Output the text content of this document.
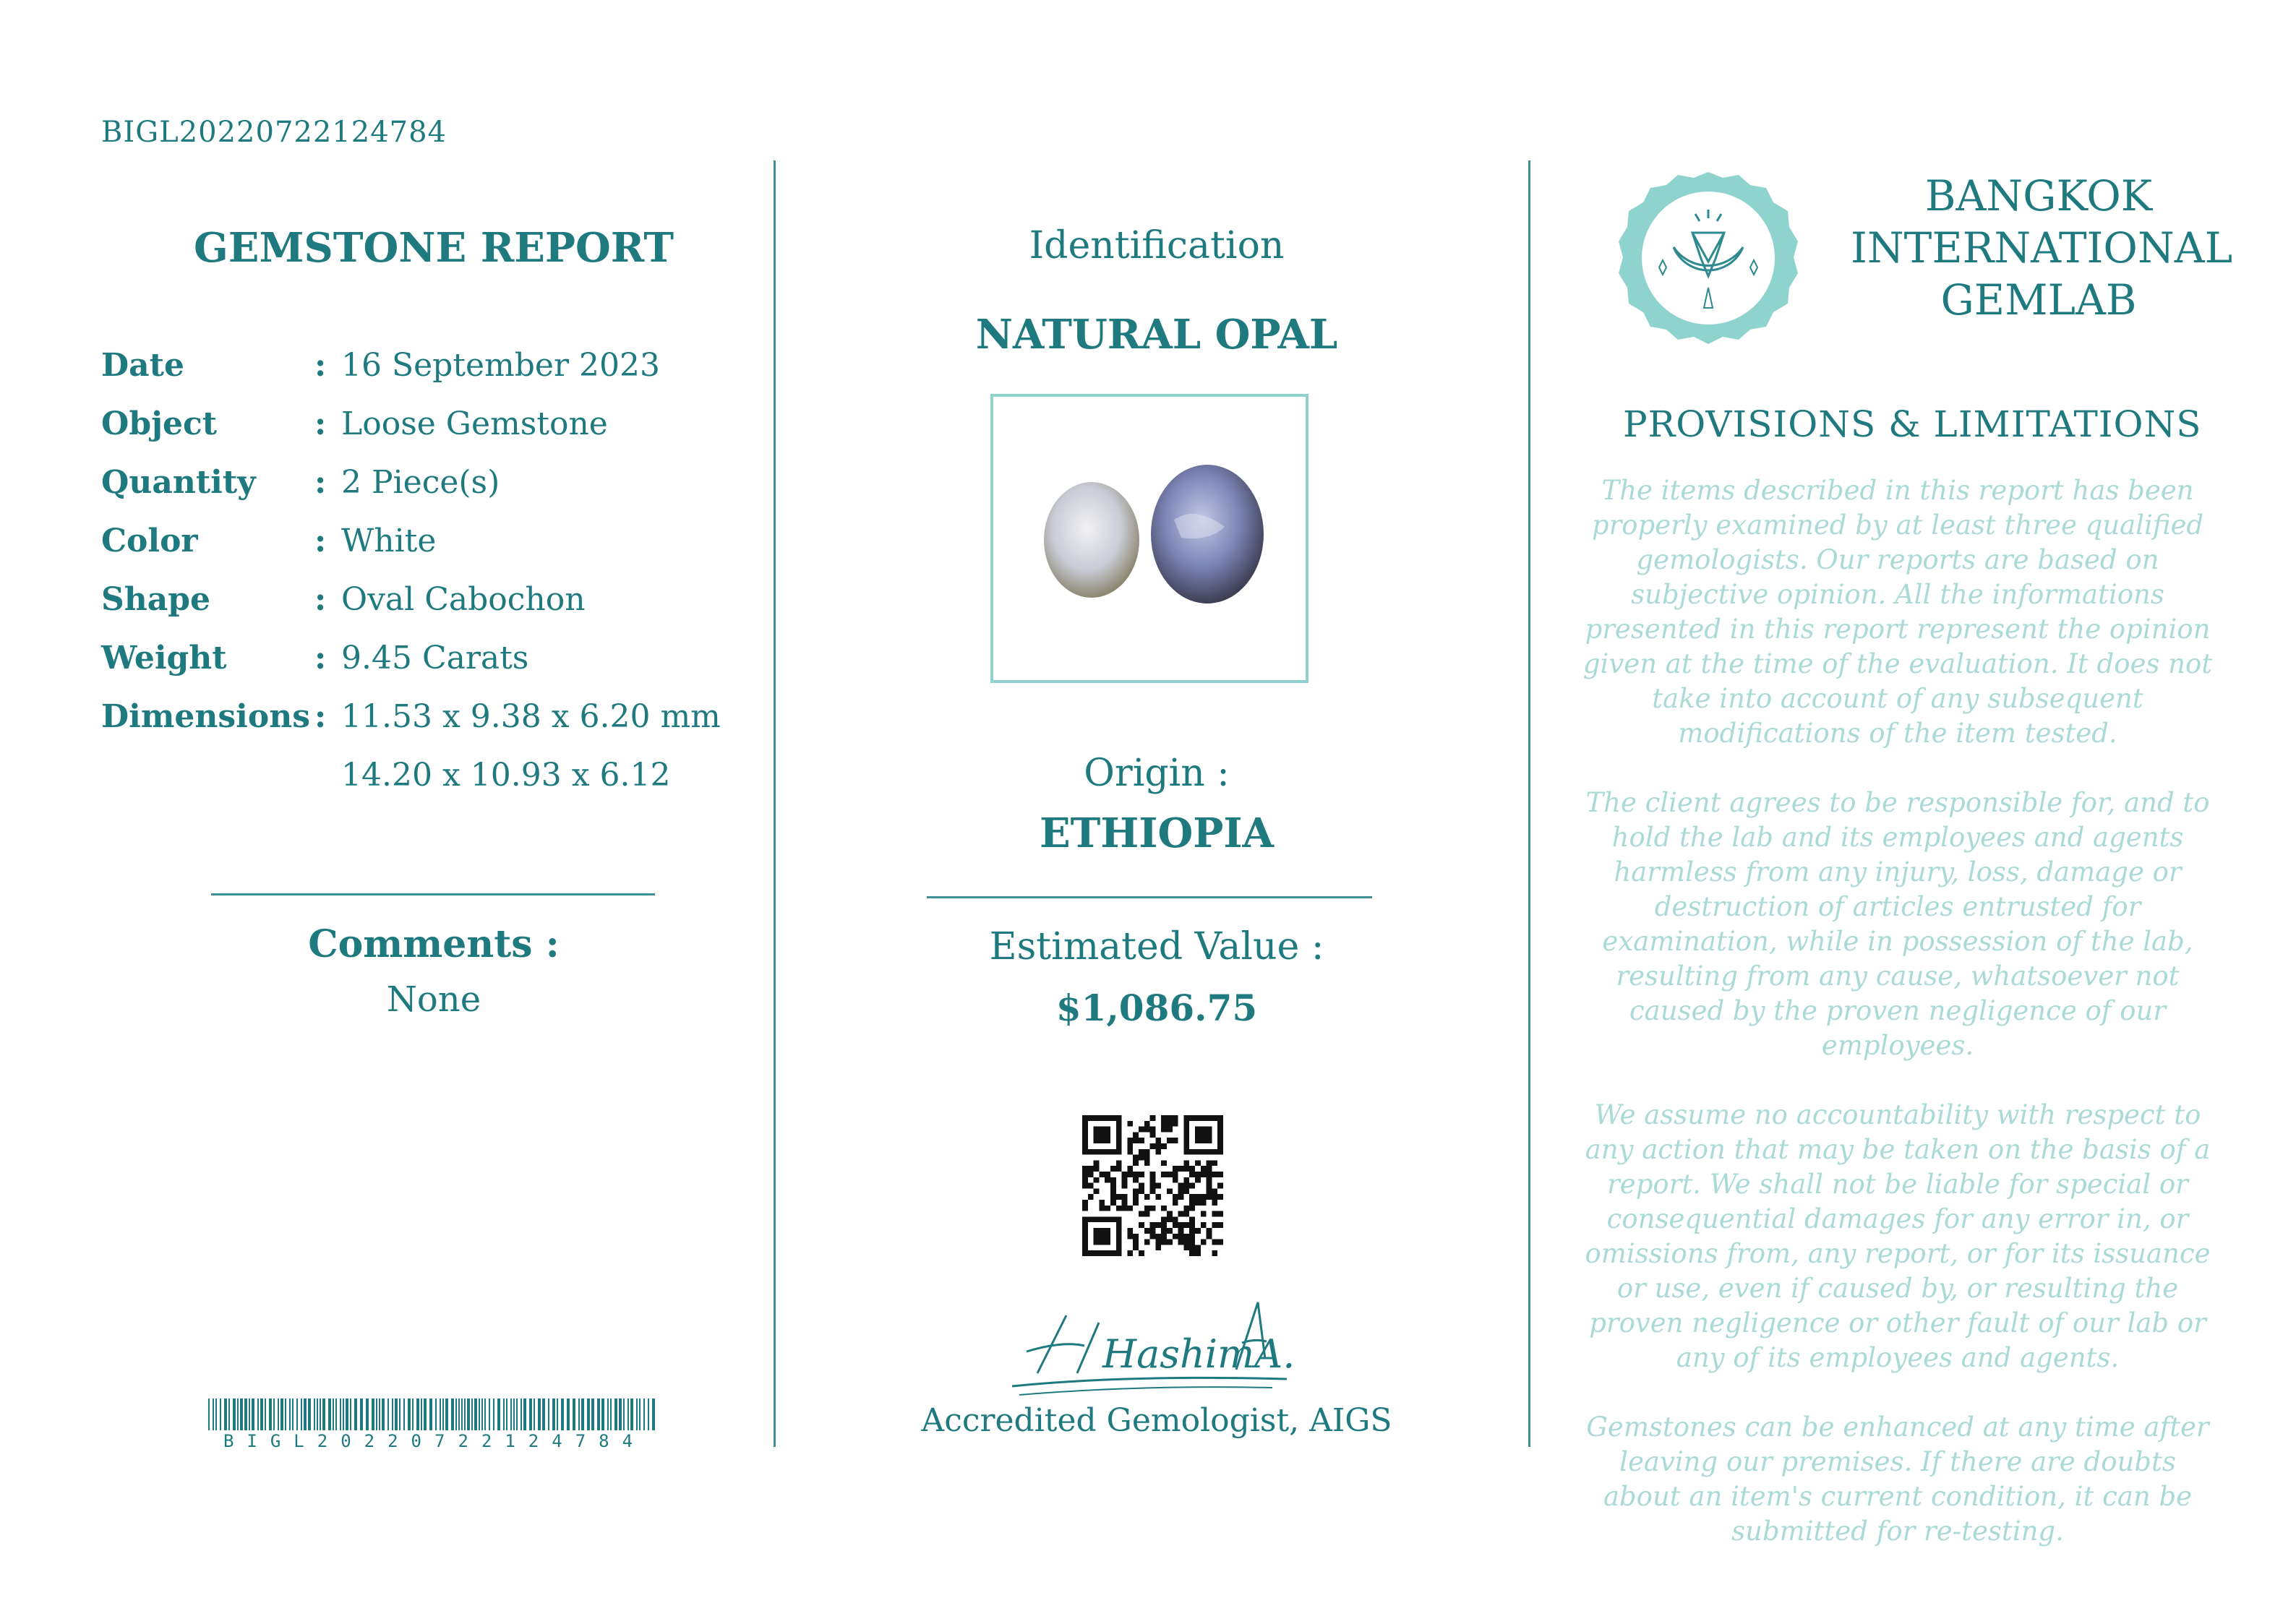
BIGL20220722124784
GEMSTONE REPORT
Date	: 16 September 2023
Object	: Loose Gemstone
Quantity : 2 Piece(s)
Color	: White
Shape	: Oval Cabochon
Weight	: 9.45 Carats
Dimensions : 11.53 x 9.38 x 6.20 mm
14.20 x 10.93 x 6.12
Comments :
None
BIGL20220722124784
Identification
NATURAL OPAL
Origin :
ETHIOPIA
Estimated Value :
$1,086.75
HashimA.
Accredited Gemologist, AIGS
BANGKOK
INTERNATIONAL
GEMLAB
PROVISIONS & LIMITATIONS

The items described in this report has been properly examined by at least three qualified gemologists. Our reports are based on subjective opinion. All the informations presented in this report represent the opinion given at the time of the evaluation. It does not take into account of any subsequent modifications of the item tested.

The client agrees to be responsible for, and to hold the lab and its employees and agents harmless from any injury, loss, damage or destruction of articles entrusted for examination, while in possession of the lab, resulting from any cause, whatsoever not caused by the proven negligence of our employees.

We assume no accountability with respect to any action that may be taken on the basis of a report. We shall not be liable for special or consequential damages for any error in, or omissions from, any report, or for its issuance or use, even if caused by, or resulting the proven negligence or other fault of our lab or any of its employees and agents.

Gemstones can be enhanced at any time after leaving our premises. If there are doubts about an item's current condition, it can be submitted for re-testing.
